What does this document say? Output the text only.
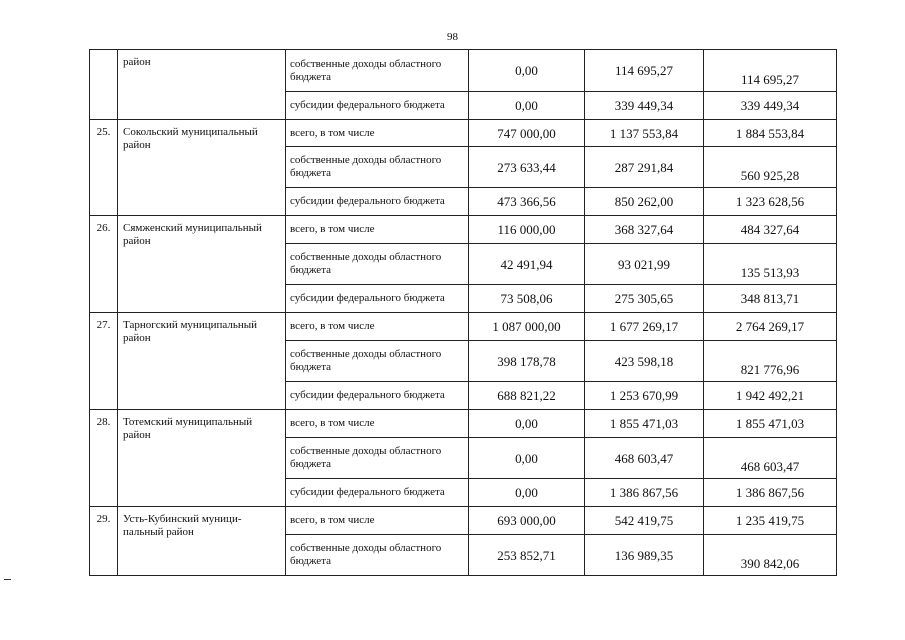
98
	район	собственные доходы областного бюджета	0,00	114 695,27	114 695,27
		субсидии федерального бюджета	0,00	339 449,34	339 449,34
25.	Сокольский муниципальный район	всего, в том числе	747 000,00	1 137 553,84	1 884 553,84
		собственные доходы областного бюджета	273 633,44	287 291,84	560 925,28
		субсидии федерального бюджета	473 366,56	850 262,00	1 323 628,56
26.	Сямженский муниципальный район	всего, в том числе	116 000,00	368 327,64	484 327,64
		собственные доходы областного бюджета	42 491,94	93 021,99	135 513,93
		субсидии федерального бюджета	73 508,06	275 305,65	348 813,71
27.	Тарногский муниципальный район	всего, в том числе	1 087 000,00	1 677 269,17	2 764 269,17
		собственные доходы областного бюджета	398 178,78	423 598,18	821 776,96
		субсидии федерального бюджета	688 821,22	1 253 670,99	1 942 492,21
28.	Тотемский муниципальный район	всего, в том числе	0,00	1 855 471,03	1 855 471,03
		собственные доходы областного бюджета	0,00	468 603,47	468 603,47
		субсидии федерального бюджета	0,00	1 386 867,56	1 386 867,56
29.	Усть-Кубинский муници-пальный район	всего, в том числе	693 000,00	542 419,75	1 235 419,75
		собственные доходы областного бюджета	253 852,71	136 989,35	390 842,06
